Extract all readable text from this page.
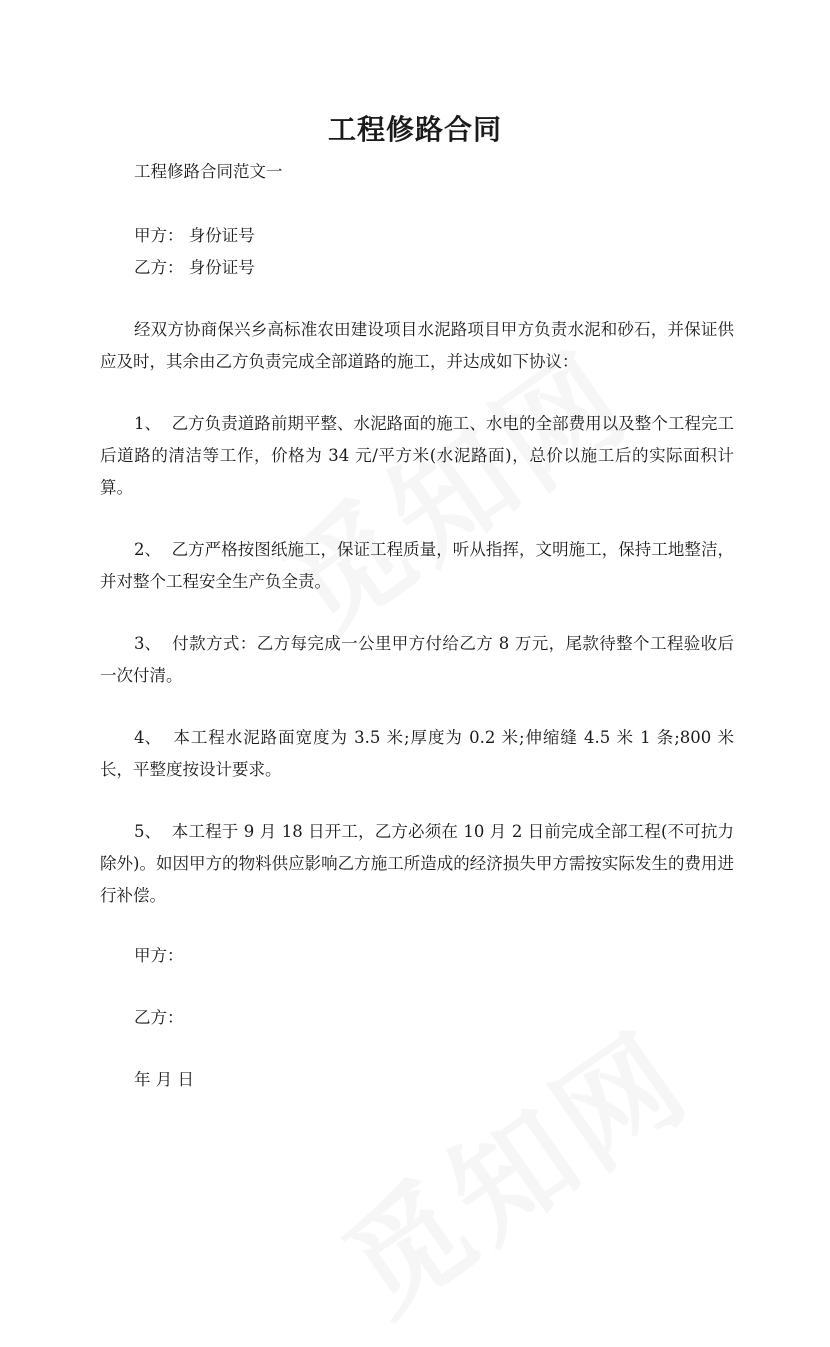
工程修路合同

工程修路合同范文一

甲方： 身份证号

乙方： 身份证号

经双方协商保兴乡高标准农田建设项目水泥路项目甲方负责水泥和砂石，并保证供应及时，其余由乙方负责完成全部道路的施工，并达成如下协议：

1、 乙方负责道路前期平整、水泥路面的施工、水电的全部费用以及整个工程完工后道路的清洁等工作，价格为 34 元/平方米(水泥路面)，总价以施工后的实际面积计算。

2、 乙方严格按图纸施工，保证工程质量，听从指挥，文明施工，保持工地整洁，并对整个工程安全生产负全责。

3、 付款方式：乙方每完成一公里甲方付给乙方 8 万元，尾款待整个工程验收后一次付清。

4、 本工程水泥路面宽度为 3.5 米;厚度为 0.2 米;伸缩缝 4.5 米 1 条;800 米长，平整度按设计要求。

5、 本工程于 9 月 18 日开工，乙方必须在 10 月 2 日前完成全部工程(不可抗力除外)。如因甲方的物料供应影响乙方施工所造成的经济损失甲方需按实际发生的费用进行补偿。

甲方：

乙方：

年 月 日
